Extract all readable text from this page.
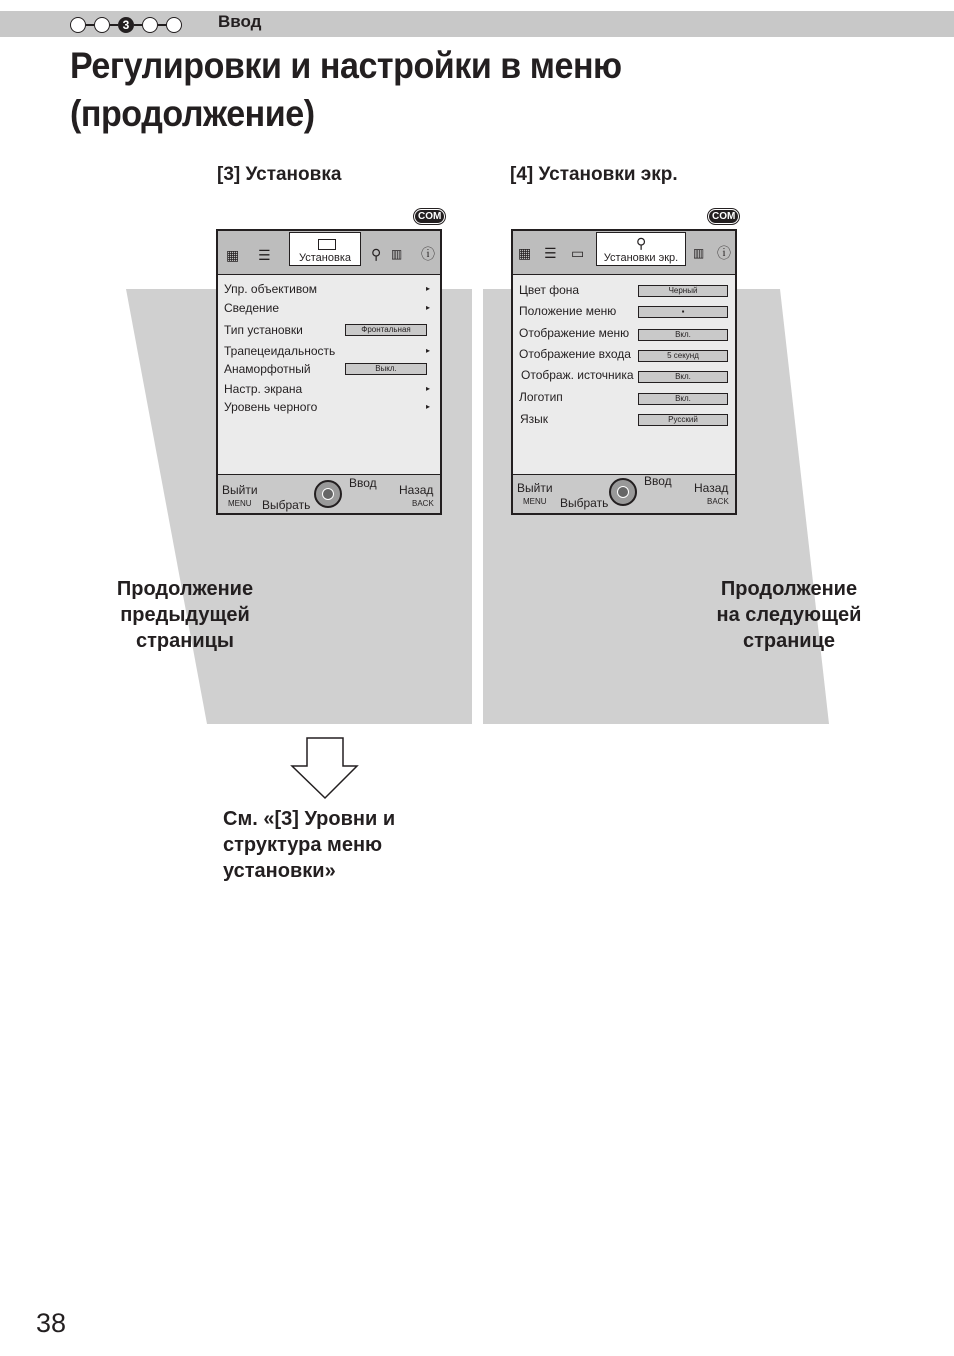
3	Ввод
Регулировки и настройки в меню
(продолжение)
[3] Установка	[4] Установки экр.
COM	COM
▦ ☰	Установка	⚲ ▥ ⓘ
Упр. объективом	▸
Сведение	▸
Тип установки	Фронтальная
Трапецеидальность	▸
Анаморфотный	Выкл.
Настр. экрана	▸
Уровень черного	▸
Выйти
MENU Выбрать
Ввод Назад
BACK
▦ ☰ ▭
⚲
Установки экр.	▥ ⓘ
Цвет фона	Черный
Положение меню	▪
Отображение меню	Вкл.
Отображение входа	5 секунд
Отображ. источника	Вкл.
Логотип	Вкл.
Язык	Русский
Выйти
MENU Выбрать
Ввод Назад
BACK
Продолжение
предыдущей
страницы
Продолжение
на следующей
странице
См. «[3] Уровни и
структура меню
установки»
38
